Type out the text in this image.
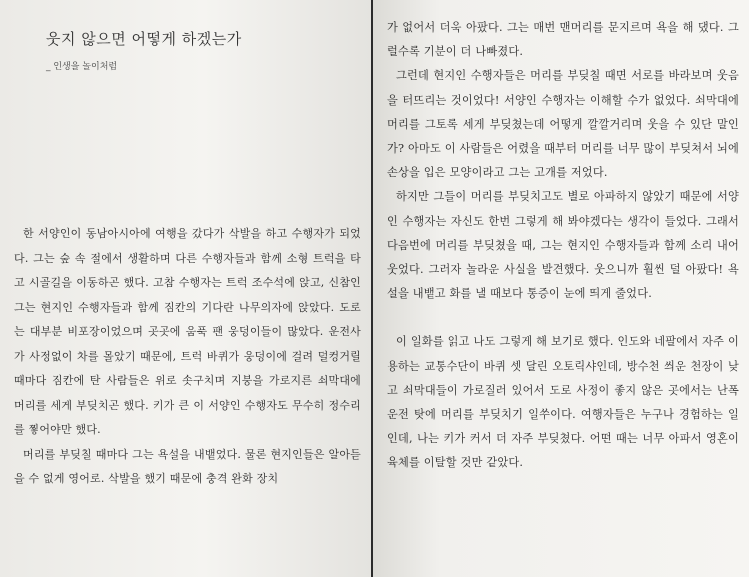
웃지 않으면 어떻게 하겠는가
_ 인생을 놀이처럼

한 서양인이 동남아시아에 여행을 갔다가 삭발을 하고 수행자가 되었다. 그는 숲 속 절에서 생활하며 다른 수행자들과 함께 소형 트럭을 타고 시골길을 이동하곤 했다. 고참 수행자는 트럭 조수석에 앉고, 신참인 그는 현지인 수행자들과 함께 짐칸의 기다란 나무의자에 앉았다. 도로는 대부분 비포장이었으며 곳곳에 움푹 팬 웅덩이들이 많았다. 운전사가 사정없이 차를 몰았기 때문에, 트럭 바퀴가 웅덩이에 걸려 덜컹거릴 때마다 짐칸에 탄 사람들은 위로 솟구치며 지붕을 가로지른 쇠막대에 머리를 세게 부딪치곤 했다. 키가 큰 이 서양인 수행자도 무수히 정수리를 찧어야만 했다.

머리를 부딪칠 때마다 그는 욕설을 내뱉었다. 물론 현지인들은 알아듣을 수 없게 영어로. 삭발을 했기 때문에 충격 완화 장치

가 없어서 더욱 아팠다. 그는 매번 맨머리를 문지르며 욕을 해 댔다. 그럴수록 기분이 더 나빠졌다.

그런데 현지인 수행자들은 머리를 부딪칠 때면 서로를 바라보며 웃음을 터뜨리는 것이었다! 서양인 수행자는 이해할 수가 없었다. 쇠막대에 머리를 그토록 세게 부딪쳤는데 어떻게 깔깔거리며 웃을 수 있단 말인가? 아마도 이 사람들은 어렸을 때부터 머리를 너무 많이 부딪쳐서 뇌에 손상을 입은 모양이라고 그는 고개를 저었다.

하지만 그들이 머리를 부딪치고도 별로 아파하지 않았기 때문에 서양인 수행자는 자신도 한번 그렇게 해 봐야겠다는 생각이 들었다. 그래서 다음번에 머리를 부딪쳤을 때, 그는 현지인 수행자들과 함께 소리 내어 웃었다. 그러자 놀라운 사실을 발견했다. 웃으니까 훨씬 덜 아팠다! 욕설을 내뱉고 화를 낼 때보다 통증이 눈에 띄게 줄었다.

이 일화를 읽고 나도 그렇게 해 보기로 했다. 인도와 네팔에서 자주 이용하는 교통수단이 바퀴 셋 달린 오토릭샤인데, 방수천 씌운 천장이 낮고 쇠막대들이 가로질러 있어서 도로 사정이 좋지 않은 곳에서는 난폭 운전 탓에 머리를 부딪치기 일쑤이다. 여행자들은 누구나 경험하는 일인데, 나는 키가 커서 더 자주 부딪쳤다. 어떤 때는 너무 아파서 영혼이 육체를 이탈할 것만 같았다.
